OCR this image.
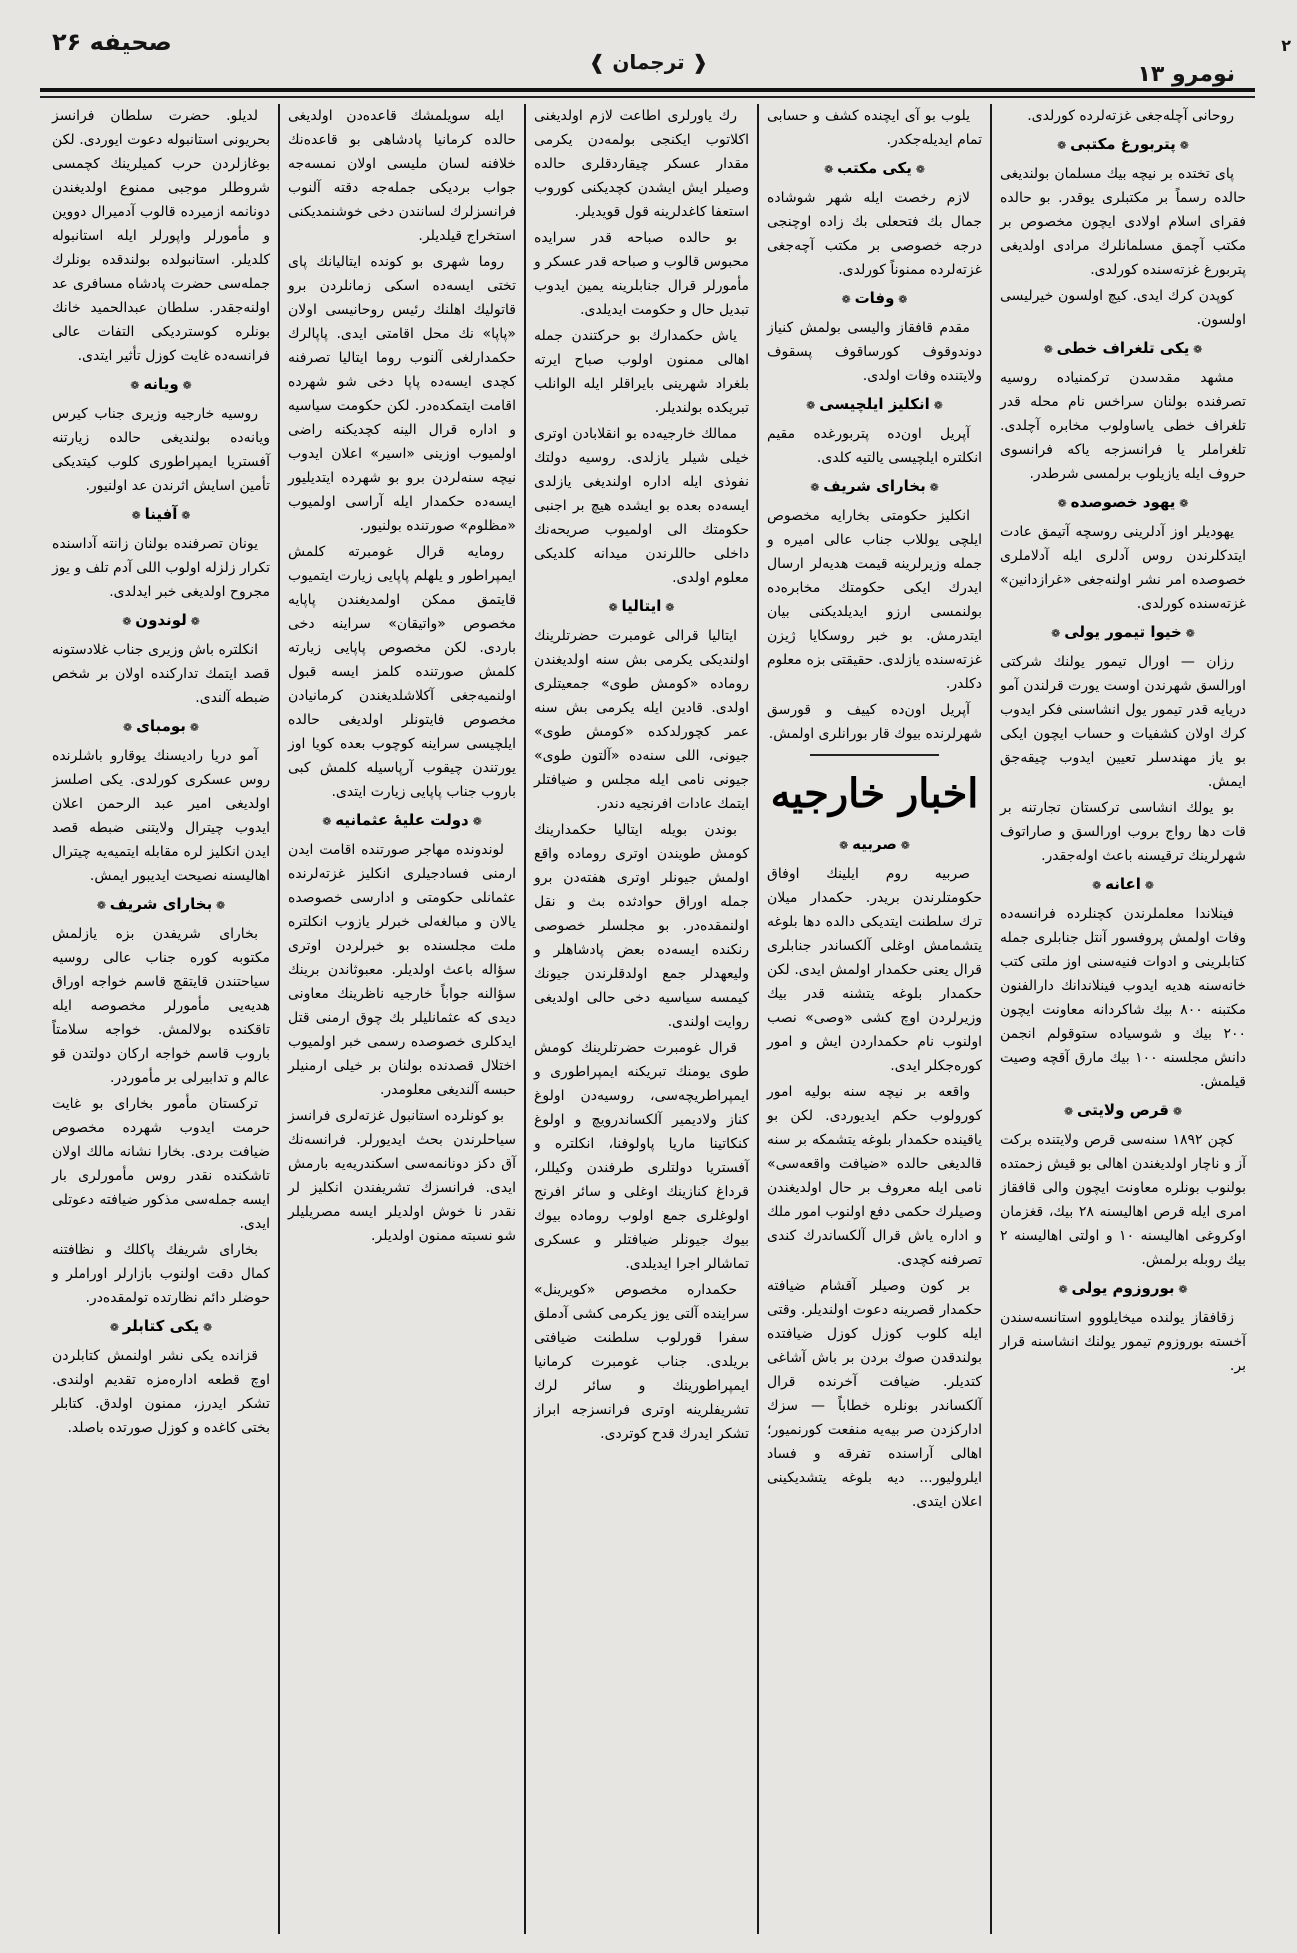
صحیفه ۲۶	۲
❰ ترجمان ❱	نومرو ۱۳

روحانی آچله‌جغی غزته‌لرده کورلدی.

❁ پتربورغ مکتبی ❁

پای تختده بر نیچه بیك مسلمان بولندیغی حالده رسماً بر مکتبلری یوقدر. بو حالده فقرای اسلام اولادی ایچون مخصوص بر مکتب آچمق مسلمانلرك مرادی اولدیغی پتربورغ غزته‌سنده کورلدی.

کوپدن کرك ایدی. کیچ اولسون خیرلیسی اولسون.

❁ یکی تلغراف خطی ❁

مشهد مقدسدن ترکمنیاده روسیه تصرفنده بولنان سراخس نام محله قدر تلغراف خطی یاساولوب مخابره آچلدی. تلغراملر یا فرانسزجه یاکه فرانسوی حروف ایله یازیلوب برلمسی شرطدر.

❁ یهود خصوصده ❁

یهودیلر اوز آدلرینی روسچه آتیمق عادت ایتدکلرندن روس آدلری ایله آدلاملری خصوصده امر نشر اولنه‌جغی «غرازدانین» غزته‌سنده کورلدی.

❁ خیوا تیمور یولی ❁

رزان — اورال تیمور یولنك شرکتی اورالسق شهرندن اوست یورت قرلندن آمو دریایه قدر تیمور یول انشاسنی فکر ایدوب کرك اولان کشفیات و حساب ایچون ایکی بو یاز مهندسلر تعیین ایدوب چیقه‌جق ایمش.

بو یولك انشاسی ترکستان تجارتنه بر قات دها رواج بروب اورالسق و صاراتوف شهرلرینك ترقیسنه باعث اوله‌جقدر.

❁ اعانه ❁

فینلاندا معلملرندن کچنلرده فرانسه‌ده وفات اولمش پروفسور آنتل جنابلری جمله کتابلرینی و ادوات فنیه‌سنی اوز ملتی کتب خانه‌سنه هدیه ایدوب فینلاندانك دارالفنون مکتبنه ۸۰۰ بیك شاکردانه معاونت ایچون ۲۰۰ بیك و شوسیاده ستوقولم انجمن دانش مجلسنه ۱۰۰ بیك مارق آقچه وصیت قیلمش.

❁ قرص ولایتی ❁

کچن ۱۸۹۲ سنه‌سی قرص ولایتنده برکت آز و ناچار اولدیغندن اهالی بو قیش زحمتده بولنوب بونلره معاونت ایچون والی قافقاز امری ایله قرص اهالیسنه ۲۸ بیك، قغزمان اوکروغی اهالیسنه ۱۰ و اولتی اهالیسنه ۲ بیك روبله برلمش.

❁ بوروزوم یولی ❁

زقافقاز یولنده میخایلووو استانسه‌سندن آخسته بوروزوم تیمور یولنك انشاسنه قرار بر.

یلوب بو آی ایچنده کشف و حسابی تمام ایدیله‌جکدر.

❁ یکی مکتب ❁

لازم رخصت ایله شهر شوشاده جمال بك فتحعلی بك زاده اوچنجی درجه خصوصی بر مکتب آچه‌جغی غزته‌لرده ممنوناً کورلدی.

❁ وفات ❁

مقدم قافقاز والیسی بولمش کنیاز دوندوقوف کورساقوف پسقوف ولایتنده وفات اولدی.

❁ انکلیز ایلچیسی ❁

آپریل اون‌ده پتربورغده مقیم انکلتره ایلچیسی یالتیه کلدی.

❁ بخارای شریف ❁

انکلیز حکومتی بخارایه مخصوص ایلچی یوللاب جناب عالی امیره و جمله وزیرلرینه قیمت هدیه‌لر ارسال ایدرك ایکی حکومتك مخابره‌ده بولنمسی ارزو ایدیلدیکنی بیان ایتدرمش. بو خبر روسکایا ژیزن غزته‌سنده یازلدی. حقیقتی بزه معلوم دکلدر.

آپریل اون‌ده کییف و قورسق شهرلرنده بیوك قار بورانلری اولمش.

اخبار خارجیه
❁ صربیه ❁

صربیه روم ایلینك اوفاق حکومتلرندن بریدر. حکمدار میلان ترك سلطنت ایتدیکی دالده دها بلوغه یتشمامش اوغلی آلکساندر جنابلری قرال یعنی حکمدار اولمش ایدی. لکن حکمدار بلوغه یتشنه قدر بیك وزیرلردن اوچ کشی «وصی» نصب اولنوب نام حکمداردن ایش و امور کوره‌جکلر ایدی.

واقعه بر نیچه سنه بولیه امور کورولوب حکم ایدیوردی. لکن بو یاقینده حکمدار بلوغه یتشمکه بر سنه قالدیغی حالده «ضیافت واقعه‌سی» نامی ایله معروف بر حال اولدیغندن وصیلرك حکمی دفع اولنوب امور ملك و اداره یاش قرال آلکساندرك کندی تصرفنه کچدی.

بر کون وصیلر آقشام ضیافته حکمدار قصرینه دعوت اولندیلر. وقتی ایله کلوب کوزل کوزل ضیافتده بولندقدن صوك بردن بر باش آشاغی کتدیلر. ضیافت آخرنده قرال آلکساندر بونلره خطاباً — سزك ادارکزدن صر بیه‌یه منفعت کورنمیور؛ اهالی آراسنده تفرقه و فساد ایلرولیور... دیه بلوغه یتشدیکینی اعلان ایتدی.

رك یاورلری اطاعت لازم اولدیغنی اکلاتوب ایکنجی بولمه‌دن یکرمی مقدار عسکر چیقاردقلری حالده وصیلر ایش ایشدن کچدیکنی کوروب استعفا کاغدلرینه قول قویدیلر.

بو حالده صباحه قدر سرایده محبوس قالوب و صباحه قدر عسکر و مأمورلر قرال جنابلرینه یمین ایدوب تبدیل حال و حکومت ایدیلدی.

یاش حکمدارك بو حرکتندن جمله اهالی ممنون اولوب صباح ایرته بلغراد شهرینی بایراقلر ایله الوانلب تبریکده بولندیلر.

ممالك خارجیه‌ده بو انقلابادن اوتری خیلی شیلر یازلدی. روسیه دولتك نفوذی ایله اداره اولندیغی یازلدی ایسه‌ده بعده بو ایشده هیچ بر اجنبی حکومتك الی اولمیوب صریحه‌نك داخلی حاللرندن میدانه کلدیکی معلوم اولدی.

❁ ایتالیا ❁

ایتالیا قرالی غومبرت حضرتلرینك اولندیکی یکرمی بش سنه اولدیغندن روماده «کومش طوی» جمعیتلری اولدی. قادین ایله یکرمی بش سنه عمر کچورلدکده «کومش طوی» جیونی، اللی سنه‌ده «آلتون طوی» جیونی نامی ایله مجلس و ضیافتلر ایتمك عادات افرنجیه دندر.

بوندن بویله ایتالیا حکمدارینك کومش طویندن اوتری روماده واقع اولمش جیونلر اوتری هفته‌دن برو جمله اوراق حوادثده بث و نقل اولنمقده‌در. بو مجلسلر خصوصی رنکنده ایسه‌ده بعض پادشاهلر و ولیعهدلر جمع اولدقلرندن جیونك کیمسه سیاسیه دخی حالی اولدیغی روایت اولندی.

قرال غومبرت حضرتلرینك کومش طوی یومنك تبریکنه ایمپراطوری و ایمپراطریچه‌سی، روسیه‌دن اولوغ کناز ولادیمیر آلکساندرویچ و اولوغ کنکاتینا ماریا پاولوفنا، انکلتره و آفستریا دولتلری طرفندن وکیللر، قرداغ کنازینك اوغلی و سائر افرنج اولوغلری جمع اولوب روماده بیوك بیوك جیونلر ضیافتلر و عسکری تماشالر اجرا ایدیلدی.

حکمداره مخصوص «کویرینل» سراینده آلتی یوز یکرمی کشی آدملق سفرا قورلوب سلطنت ضیافتی بریلدی. جناب غومبرت کرمانیا ایمپراطورینك و سائر لرك تشریفلرینه اوتری فرانسزجه ابراز تشکر ایدرك قدح کوتردی.

ایله سویلمشك قاعده‌دن اولدیغی حالده کرمانیا پادشاهی بو قاعده‌نك خلافنه لسان ملیسی اولان نمسه‌جه جواب بردیکی جمله‌جه دقته آلنوب فرانسزلرك لسانندن دخی خوشنمدیکنی استخراج قیلدیلر.

روما شهری بو کونده ایتالیانك پای تختی ایسه‌ده اسکی زمانلردن برو قاتولیك اهلنك رئیس روحانیسی اولان «پاپا» نك محل اقامتی ایدی. پاپالرك حکمدارلغی آلنوب روما ایتالیا تصرفنه کچدی ایسه‌ده پاپا دخی شو شهرده اقامت ایتمکده‌در. لکن حکومت سیاسیه و اداره قرال الینه کچدیکنه راضی اولمیوب اوزینی «اسیر» اعلان ایدوب نیچه سنه‌لردن برو بو شهرده ایتدیلیور ایسه‌ده حکمدار ایله آراسی اولمیوب «مظلوم» صورتنده بولنیور.

رومایه قرال غومبرته کلمش ایمپراطور و یلهلم پاپایی زیارت ایتمیوب قایتمق ممکن اولمدیغندن پاپایه مخصوص «واتیقان» سراینه دخی باردی. لکن مخصوص پاپایی زیارته کلمش صورتنده کلمز ایسه قبول اولنمیه‌جغی آکلاشلدیغندن کرمانیادن مخصوص فایتونلر اولدیغی حالده ایلچیسی سراینه کوچوب بعده کویا اوز یورتندن چیقوب آرپاسیله کلمش کبی باروب جناب پاپایی زیارت ایتدی.

❁ دولت علیهٔ عثمانیه ❁

لوندونده مهاجر صورتنده اقامت ایدن ارمنی فسادجیلری انکلیز غزته‌لرنده عثمانلی حکومتی و ادارسی خصوصده یالان و مبالغه‌لی خبرلر یازوب انکلتره ملت مجلسنده بو خبرلردن اوتری سؤاله باعث اولدیلر. معبوثاندن برینك سؤالنه جواباً خارجیه ناظرینك معاونی دیدی که عثمانلیلر بك چوق ارمنی قتل ایدکلری خصوصده رسمی خبر اولمیوب اختلال قصدنده بولنان بر خیلی ارمنیلر حبسه آلندیغی معلومدر.

بو کونلرده استانبول غزته‌لری فرانسز سیاحلرندن بحث ایدیورلر. فرانسه‌نك آق دکز دونانمه‌سی اسکندریه‌یه بارمش ایدی. فرانسزك تشریفندن انکلیز لر نقدر نا خوش اولدیلر ایسه مصریلیلر شو نسبته ممنون اولدیلر.

لدیلو. حضرت سلطان فرانسز بحریونی استانبوله دعوت ایوردی. لکن بوغازلردن حرب کمیلرینك کچمسی شروطلر موجبی ممنوع اولدیغندن دونانمه ازمیرده قالوب آدمیرال دووین و مأمورلر واپورلر ایله استانبوله کلدیلر. استانبولده بولندقده بونلرك جمله‌سی حضرت پادشاه مسافری عد اولنه‌جقدر. سلطان عبدالحمید خانك بونلره کوستردیکی التفات عالی فرانسه‌ده غایت کوزل تأثیر ایتدی.

❁ ویانه ❁

روسیه خارجیه وزیری جناب کیرس ویانه‌ده بولندیغی حالده زیارتنه آفستریا ایمپراطوری کلوب کیتدیکی تأمین اسایش اثرندن عد اولنیور.

❁ آفینا ❁

یونان تصرفنده بولنان زانته آداسنده تکرار زلزله اولوب اللی آدم تلف و یوز مجروح اولدیغی خبر ایدلدی.

❁ لوندون ❁

انکلتره باش وزیری جناب غلادستونه قصد ایتمك تدارکنده اولان بر شخص ضبطه آلندی.

❁ بومبای ❁

آمو دریا رادیسنك یوقارو باشلرنده روس عسکری کورلدی. یکی اصلسز اولدیغی امیر عبد الرحمن اعلان ایدوب چیترال ولایتنی ضبطه قصد ایدن انکلیز لره مقابله ایتمیه‌یه چیترال اهالیسنه نصیحت ایدیبور ایمش.

❁ بخارای شریف ❁

بخارای شریفدن بزه یازلمش مکتوبه کوره جناب عالی روسیه سیاحتندن قایتقچ قاسم خواجه اوراق هدیه‌یی مأمورلر مخصوصه ایله تاقکنده بولالمش. خواجه سلامتاً باروب قاسم خواجه ارکان دولتدن قو عالم و تدابیرلی بر مأموردر.

ترکستان مأمور بخارای بو غایت حرمت ایدوب شهرده مخصوص ضیافت بردی. بخارا نشانه مالك اولان تاشکنده نقدر روس مأمورلری بار ایسه جمله‌سی مذکور ضیافته دعوتلی ایدی.

بخارای شریفك پاکلك و نظافتنه کمال دقت اولنوب بازارلر اوراملر و حوضلر دائم نظارتده تولمقده‌در.

❁ یکی کتابلر ❁

قزانده یکی نشر اولنمش کتابلردن اوچ قطعه اداره‌مزه تقدیم اولندی. تشکر ایدرز، ممنون اولدق. کتابلر بختی کاغده و کوزل صورتده باصلد.
